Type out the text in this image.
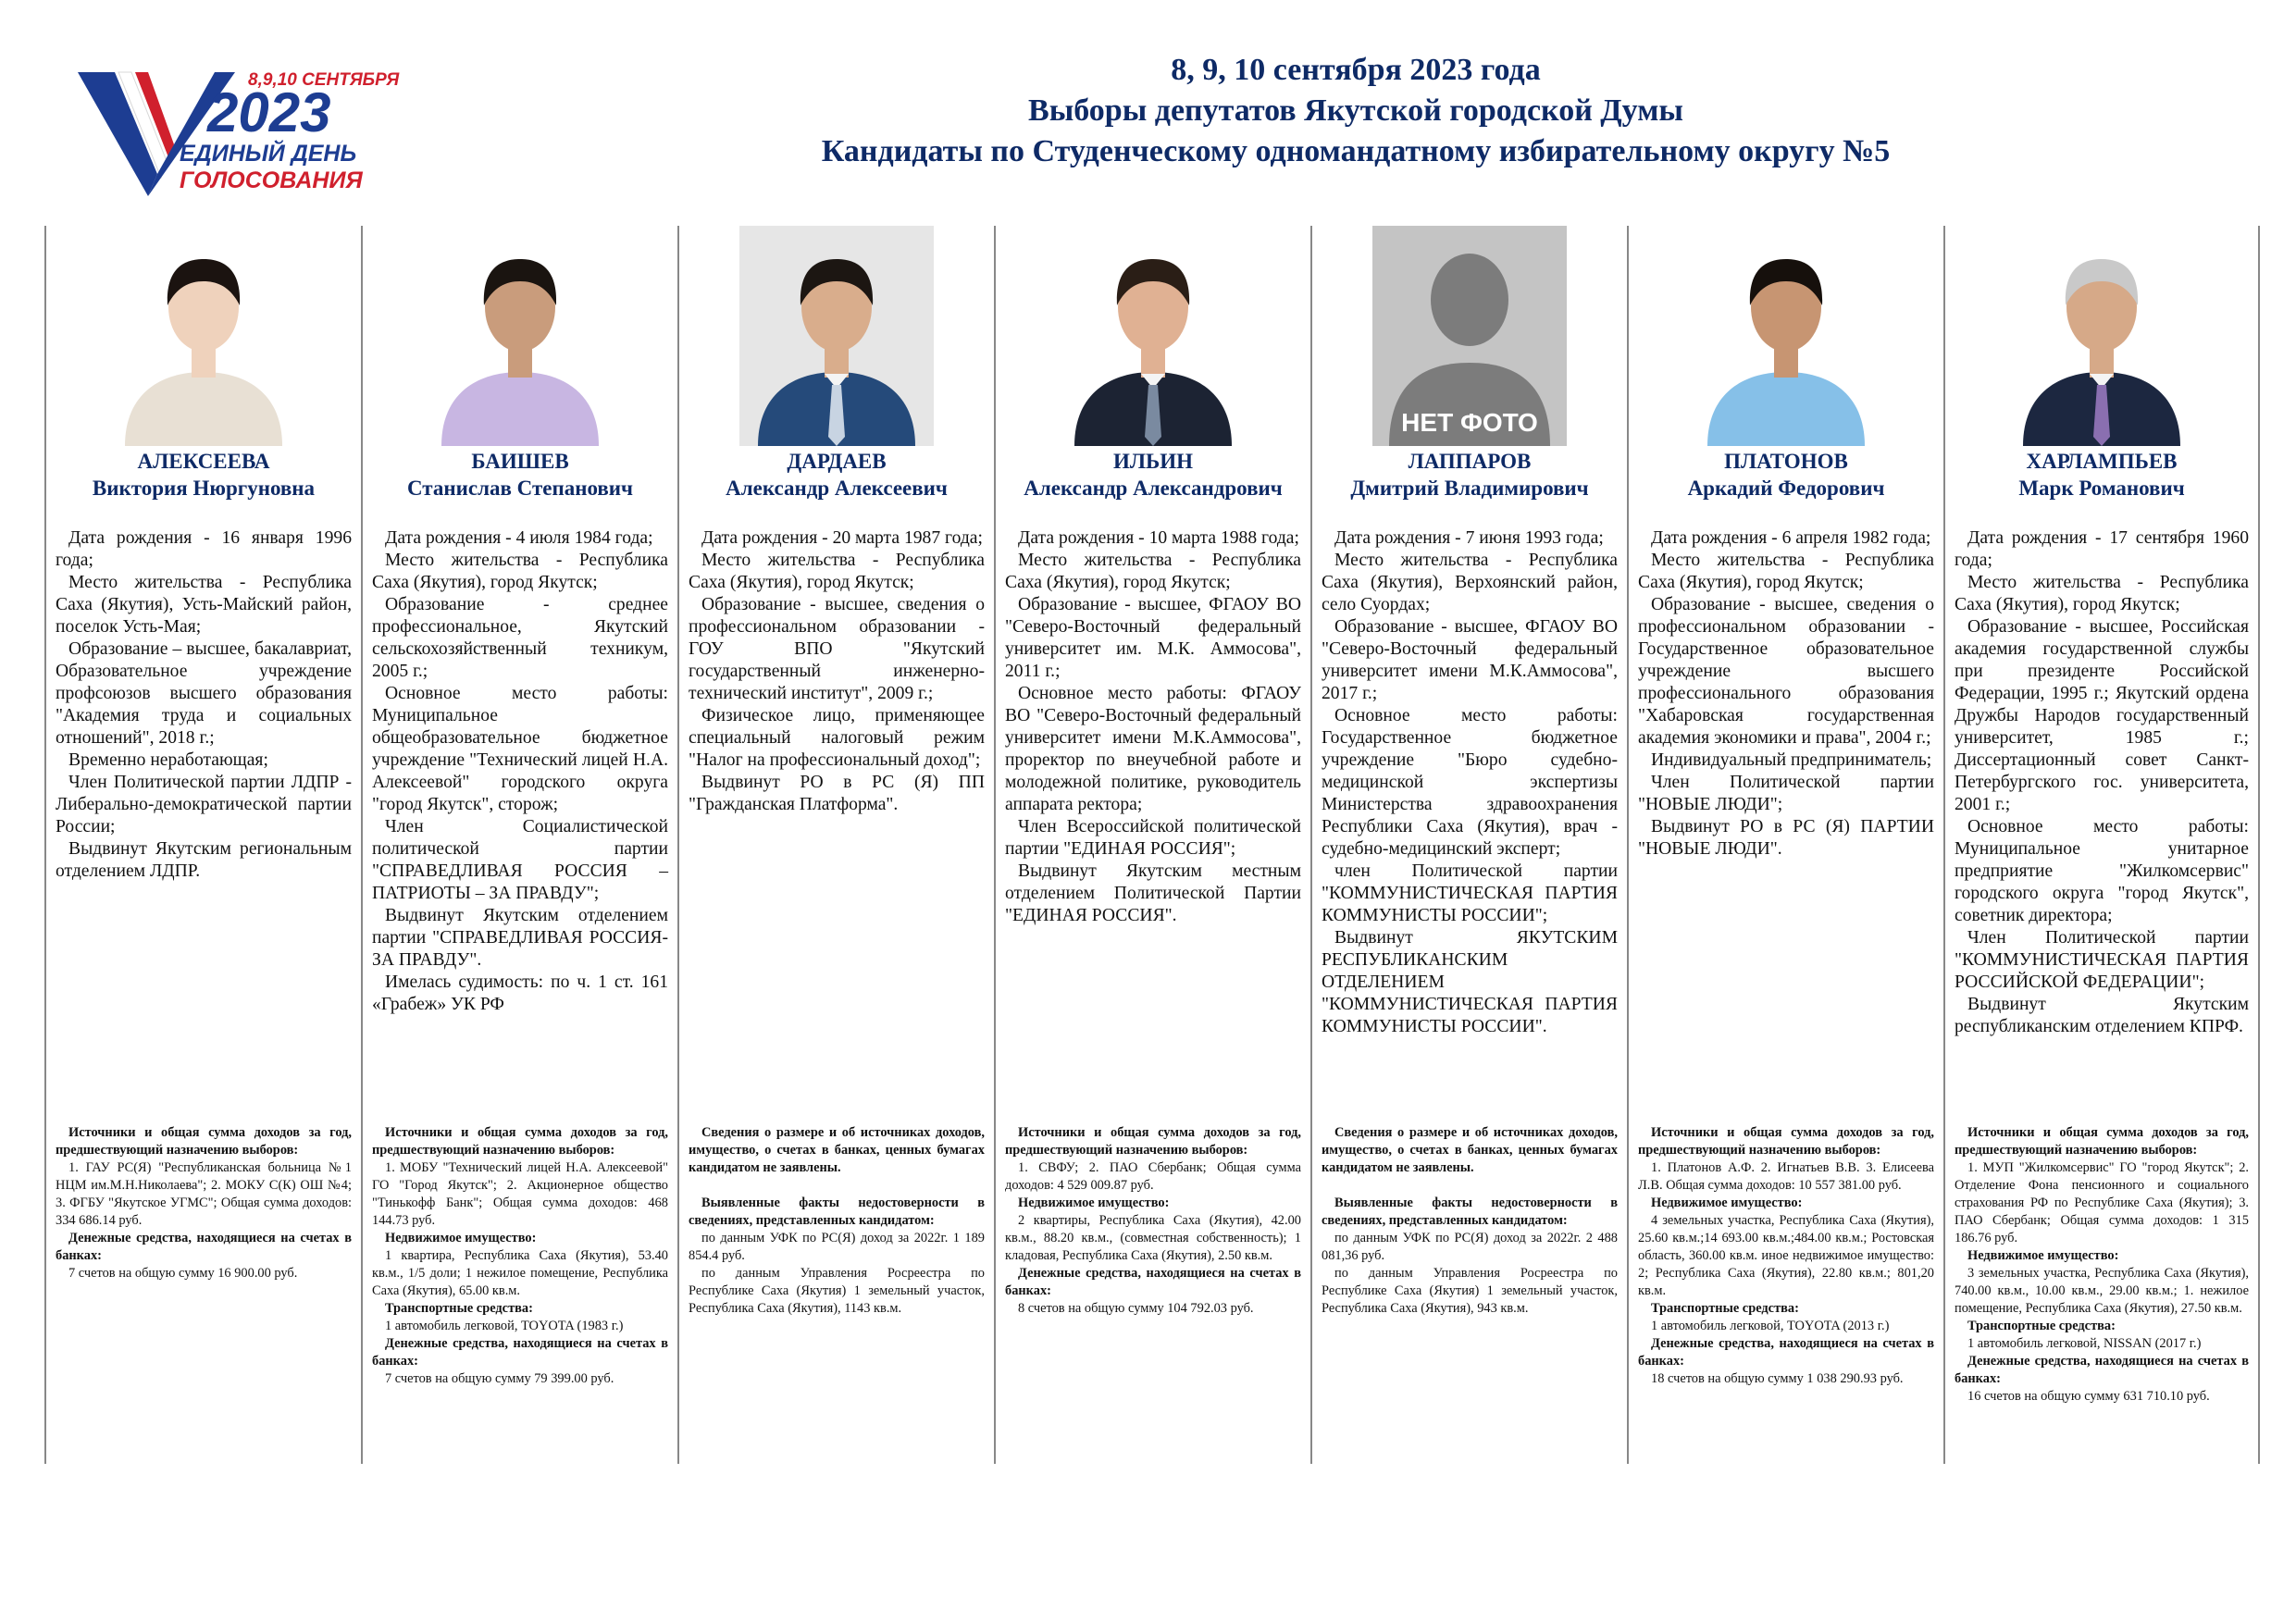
8,9,10 СЕНТЯБРЯ
2023
ЕДИНЫЙ ДЕНЬ
ГОЛОСОВАНИЯ
8, 9, 10 сентября 2023 года
Выборы депутатов Якутской городской Думы
Кандидаты по Студенческому одномандатному избирательному округу №5
АЛЕКСЕЕВА
Виктория Нюргуновна

Дата рождения - 16 января 1996 года;

Место жительства - Республика Саха (Якутия), Усть-Майский район, поселок Усть-Мая;

Образование – высшее, бакалавриат, Образовательное учреждение профсоюзов высшего образования "Академия труда и социальных отношений", 2018 г.;

Временно неработающая;

Член Политической партии ЛДПР - Либерально-демократической партии России;

Выдвинут Якутским региональным отделением ЛДПР.

Источники и общая сумма доходов за год, предшествующий назначению выборов:

1. ГАУ РС(Я) "Республиканская больница №1 НЦМ им.М.Н.Николаева"; 2. МОКУ С(К) ОШ №4; 3. ФГБУ "Якутское УГМС"; Общая сумма доходов: 334 686.14 руб.

Денежные средства, находящиеся на счетах в банках:

7 счетов на общую сумму 16 900.00 руб.

БАИШЕВ
Станислав Степанович

Дата рождения - 4 июля 1984 года;

Место жительства - Республика Саха (Якутия), город Якутск;

Образование - среднее профессиональное, Якутский сельскохозяйственный техникум, 2005 г.;

Основное место работы: Муниципальное общеобразовательное бюджетное учреждение "Технический лицей Н.А. Алексеевой" городского округа "город Якутск", сторож;

Член Социалистической политической партии "СПРАВЕДЛИВАЯ РОССИЯ – ПАТРИОТЫ – ЗА ПРАВДУ";

Выдвинут Якутским отделением партии "СПРАВЕДЛИВАЯ РОССИЯ-ЗА ПРАВДУ".

Имелась судимость: по ч. 1 ст. 161 «Грабеж» УК РФ

Источники и общая сумма доходов за год, предшествующий назначению выборов:

1. МОБУ "Технический лицей Н.А. Алексеевой" ГО "Город Якутск"; 2. Акционерное общество "Тинькофф Банк"; Общая сумма доходов: 468 144.73 руб.

Недвижимое имущество:

1 квартира, Республика Саха (Якутия), 53.40 кв.м., 1/5 доли; 1 нежилое помещение, Республика Саха (Якутия), 65.00 кв.м.

Транспортные средства:

1 автомобиль легковой, TOYOTA (1983 г.)

Денежные средства, находящиеся на счетах в банках:

7 счетов на общую сумму 79 399.00 руб.

ДАРДАЕВ
Александр Алексеевич

Дата рождения - 20 марта 1987 года;

Место жительства - Республика Саха (Якутия), город Якутск;

Образование - высшее, сведения о профессиональном образовании - ГОУ ВПО "Якутский государственный инженерно-технический институт", 2009 г.;

Физическое лицо, применяющее специальный налоговый режим "Налог на профессиональный доход";

Выдвинут РО в РС (Я) ПП "Гражданская Платформа".

Сведения о размере и об источниках доходов, имущество, о счетах в банках, ценных бумагах кандидатом не заявлены.

Выявленные факты недостоверности в сведениях, представленных кандидатом:

по данным УФК по РС(Я) доход за 2022г. 1 189 854.4 руб.

по данным Управления Росреестра по Республике Саха (Якутия) 1 земельный участок, Республика Саха (Якутия), 1143 кв.м.

ИЛЬИН
Александр Александрович

Дата рождения - 10 марта 1988 года;

Место жительства - Республика Саха (Якутия), город Якутск;

Образование - высшее, ФГАОУ ВО "Северо-Восточный федеральный университет им. М.К. Аммосова", 2011 г.;

Основное место работы: ФГАОУ ВО "Северо-Восточный федеральный университет имени М.К.Аммосова", проректор по внеучебной работе и молодежной политике, руководитель аппарата ректора;

Член Всероссийской политической партии "ЕДИНАЯ РОССИЯ";

Выдвинут Якутским местным отделением Политической Партии "ЕДИНАЯ РОССИЯ".

Источники и общая сумма доходов за год, предшествующий назначению выборов:

1. СВФУ; 2. ПАО Сбербанк; Общая сумма доходов: 4 529 009.87 руб.

Недвижимое имущество:

2 квартиры, Республика Саха (Якутия), 42.00 кв.м., 88.20 кв.м., (совместная собственность); 1 кладовая, Республика Саха (Якутия), 2.50 кв.м.

Денежные средства, находящиеся на счетах в банках:

8 счетов на общую сумму 104 792.03 руб.

НЕТ ФОТО
ЛАППАРОВ
Дмитрий Владимирович

Дата рождения - 7 июня 1993 года;

Место жительства - Республика Саха (Якутия), Верхоянский район, село Суордах;

Образование - высшее, ФГАОУ ВО "Северо-Восточный федеральный университет имени М.К.Аммосова", 2017 г.;

Основное место работы: Государственное бюджетное учреждение "Бюро судебно-медицинской экспертизы Министерства здравоохранения Республики Саха (Якутия), врач - судебно-медицинский эксперт;

член Политической партии "КОММУНИСТИЧЕСКАЯ ПАРТИЯ КОММУНИСТЫ РОССИИ";

Выдвинут ЯКУТСКИМ РЕСПУБЛИКАНСКИМ ОТДЕЛЕНИЕМ "КОММУНИСТИЧЕСКАЯ ПАРТИЯ КОММУНИСТЫ РОССИИ".

Сведения о размере и об источниках доходов, имущество, о счетах в банках, ценных бумагах кандидатом не заявлены.

Выявленные факты недостоверности в сведениях, представленных кандидатом:

по данным УФК по РС(Я) доход за 2022г. 2 488 081,36 руб.

по данным Управления Росреестра по Республике Саха (Якутия) 1 земельный участок, Республика Саха (Якутия), 943 кв.м.

ПЛАТОНОВ
Аркадий Федорович

Дата рождения - 6 апреля 1982 года;

Место жительства - Республика Саха (Якутия), город Якутск;

Образование - высшее, сведения о профессиональном образовании - Государственное образовательное учреждение высшего профессионального образования "Хабаровская государственная академия экономики и права", 2004 г.;

Индивидуальный предприниматель;

Член Политической партии "НОВЫЕ ЛЮДИ";

Выдвинут РО в РС (Я) ПАРТИИ "НОВЫЕ ЛЮДИ".

Источники и общая сумма доходов за год, предшествующий назначению выборов:

1. Платонов А.Ф. 2. Игнатьев В.В. 3. Елисеева Л.В. Общая сумма доходов: 10 557 381.00 руб.

Недвижимое имущество:

4 земельных участка, Республика Саха (Якутия), 25.60 кв.м.;14 693.00 кв.м.;484.00 кв.м.; Ростовская область, 360.00 кв.м. иное недвижимое имущество: 2; Республика Саха (Якутия), 22.80 кв.м.; 801,20 кв.м.

Транспортные средства:

1 автомобиль легковой, TOYOTA (2013 г.)

Денежные средства, находящиеся на счетах в банках:

18 счетов на общую сумму 1 038 290.93 руб.

ХАРЛАМПЬЕВ
Марк Романович

Дата рождения - 17 сентября 1960 года;

Место жительства - Республика Саха (Якутия), город Якутск;

Образование - высшее, Российская академия государственной службы при президенте Российской Федерации, 1995 г.; Якутский ордена Дружбы Народов государственный университет, 1985 г.; Диссертационный совет Санкт-Петербургского гос. университета, 2001 г.;

Основное место работы: Муниципальное унитарное предприятие "Жилкомсервис" городского округа "город Якутск", советник директора;

Член Политической партии "КОММУНИСТИЧЕСКАЯ ПАРТИЯ РОССИЙСКОЙ ФЕДЕРАЦИИ";

Выдвинут Якутским республиканским отделением КПРФ.

Источники и общая сумма доходов за год, предшествующий назначению выборов:

1. МУП "Жилкомсервис" ГО "город Якутск"; 2. Отделение Фона пенсионного и социального страхования РФ по Республике Саха (Якутия); 3. ПАО Сбербанк; Общая сумма доходов: 1 315 186.76 руб.

Недвижимое имущество:

3 земельных участка, Республика Саха (Якутия), 740.00 кв.м., 10.00 кв.м., 29.00 кв.м.; 1. нежилое помещение, Республика Саха (Якутия), 27.50 кв.м.

Транспортные средства:

1 автомобиль легковой, NISSAN (2017 г.)

Денежные средства, находящиеся на счетах в банках:

16 счетов на общую сумму 631 710.10 руб.
